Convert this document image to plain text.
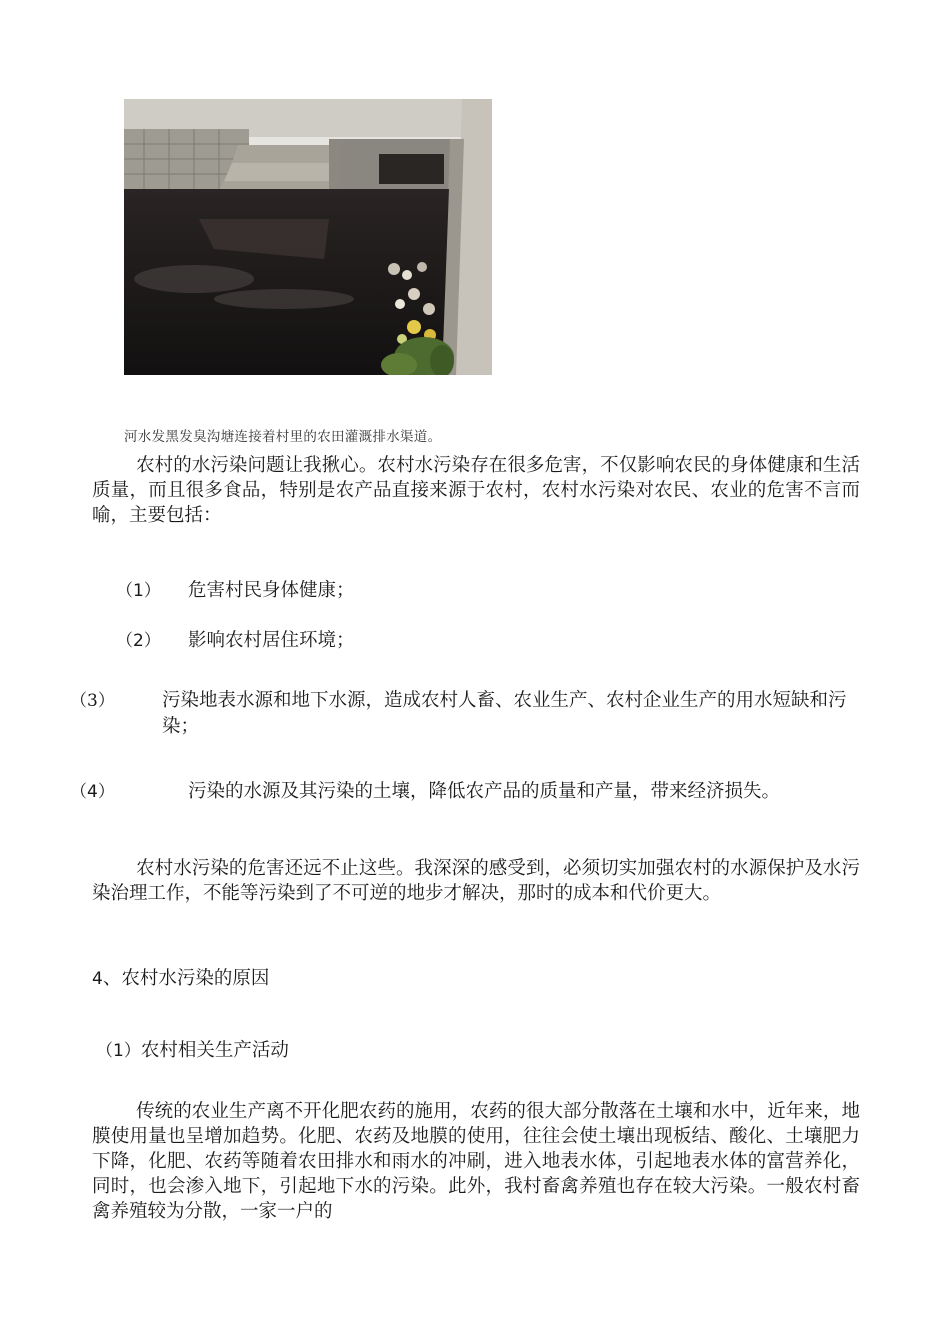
河水发黑发臭沟塘连接着村里的农田灌溉排水渠道。

农村的水污染问题让我揪心。农村水污染存在很多危害，不仅影响农民的身体健康和生活质量，而且很多食品，特别是农产品直接来源于农村，农村水污染对农民、农业的危害不言而喻，主要包括：

（1） 危害村民身体健康；
（2） 影响农村居住环境；
（3）	污染地表水源和地下水源，造成农村人畜、农业生产、农村企业生产的用水短缺和污染；
（4）	污染的水源及其污染的土壤，降低农产品的质量和产量，带来经济损失。

农村水污染的危害还远不止这些。我深深的感受到，必须切实加强农村的水源保护及水污染治理工作，不能等污染到了不可逆的地步才解决，那时的成本和代价更大。

4、农村水污染的原因
（1）农村相关生产活动

传统的农业生产离不开化肥农药的施用，农药的很大部分散落在土壤和水中，近年来，地膜使用量也呈增加趋势。化肥、农药及地膜的使用，往往会使土壤出现板结、酸化、土壤肥力下降，化肥、农药等随着农田排水和雨水的冲刷，进入地表水体，引起地表水体的富营养化，同时，也会渗入地下，引起地下水的污染。此外，我村畜禽养殖也存在较大污染。一般农村畜禽养殖较为分散，一家一户的
